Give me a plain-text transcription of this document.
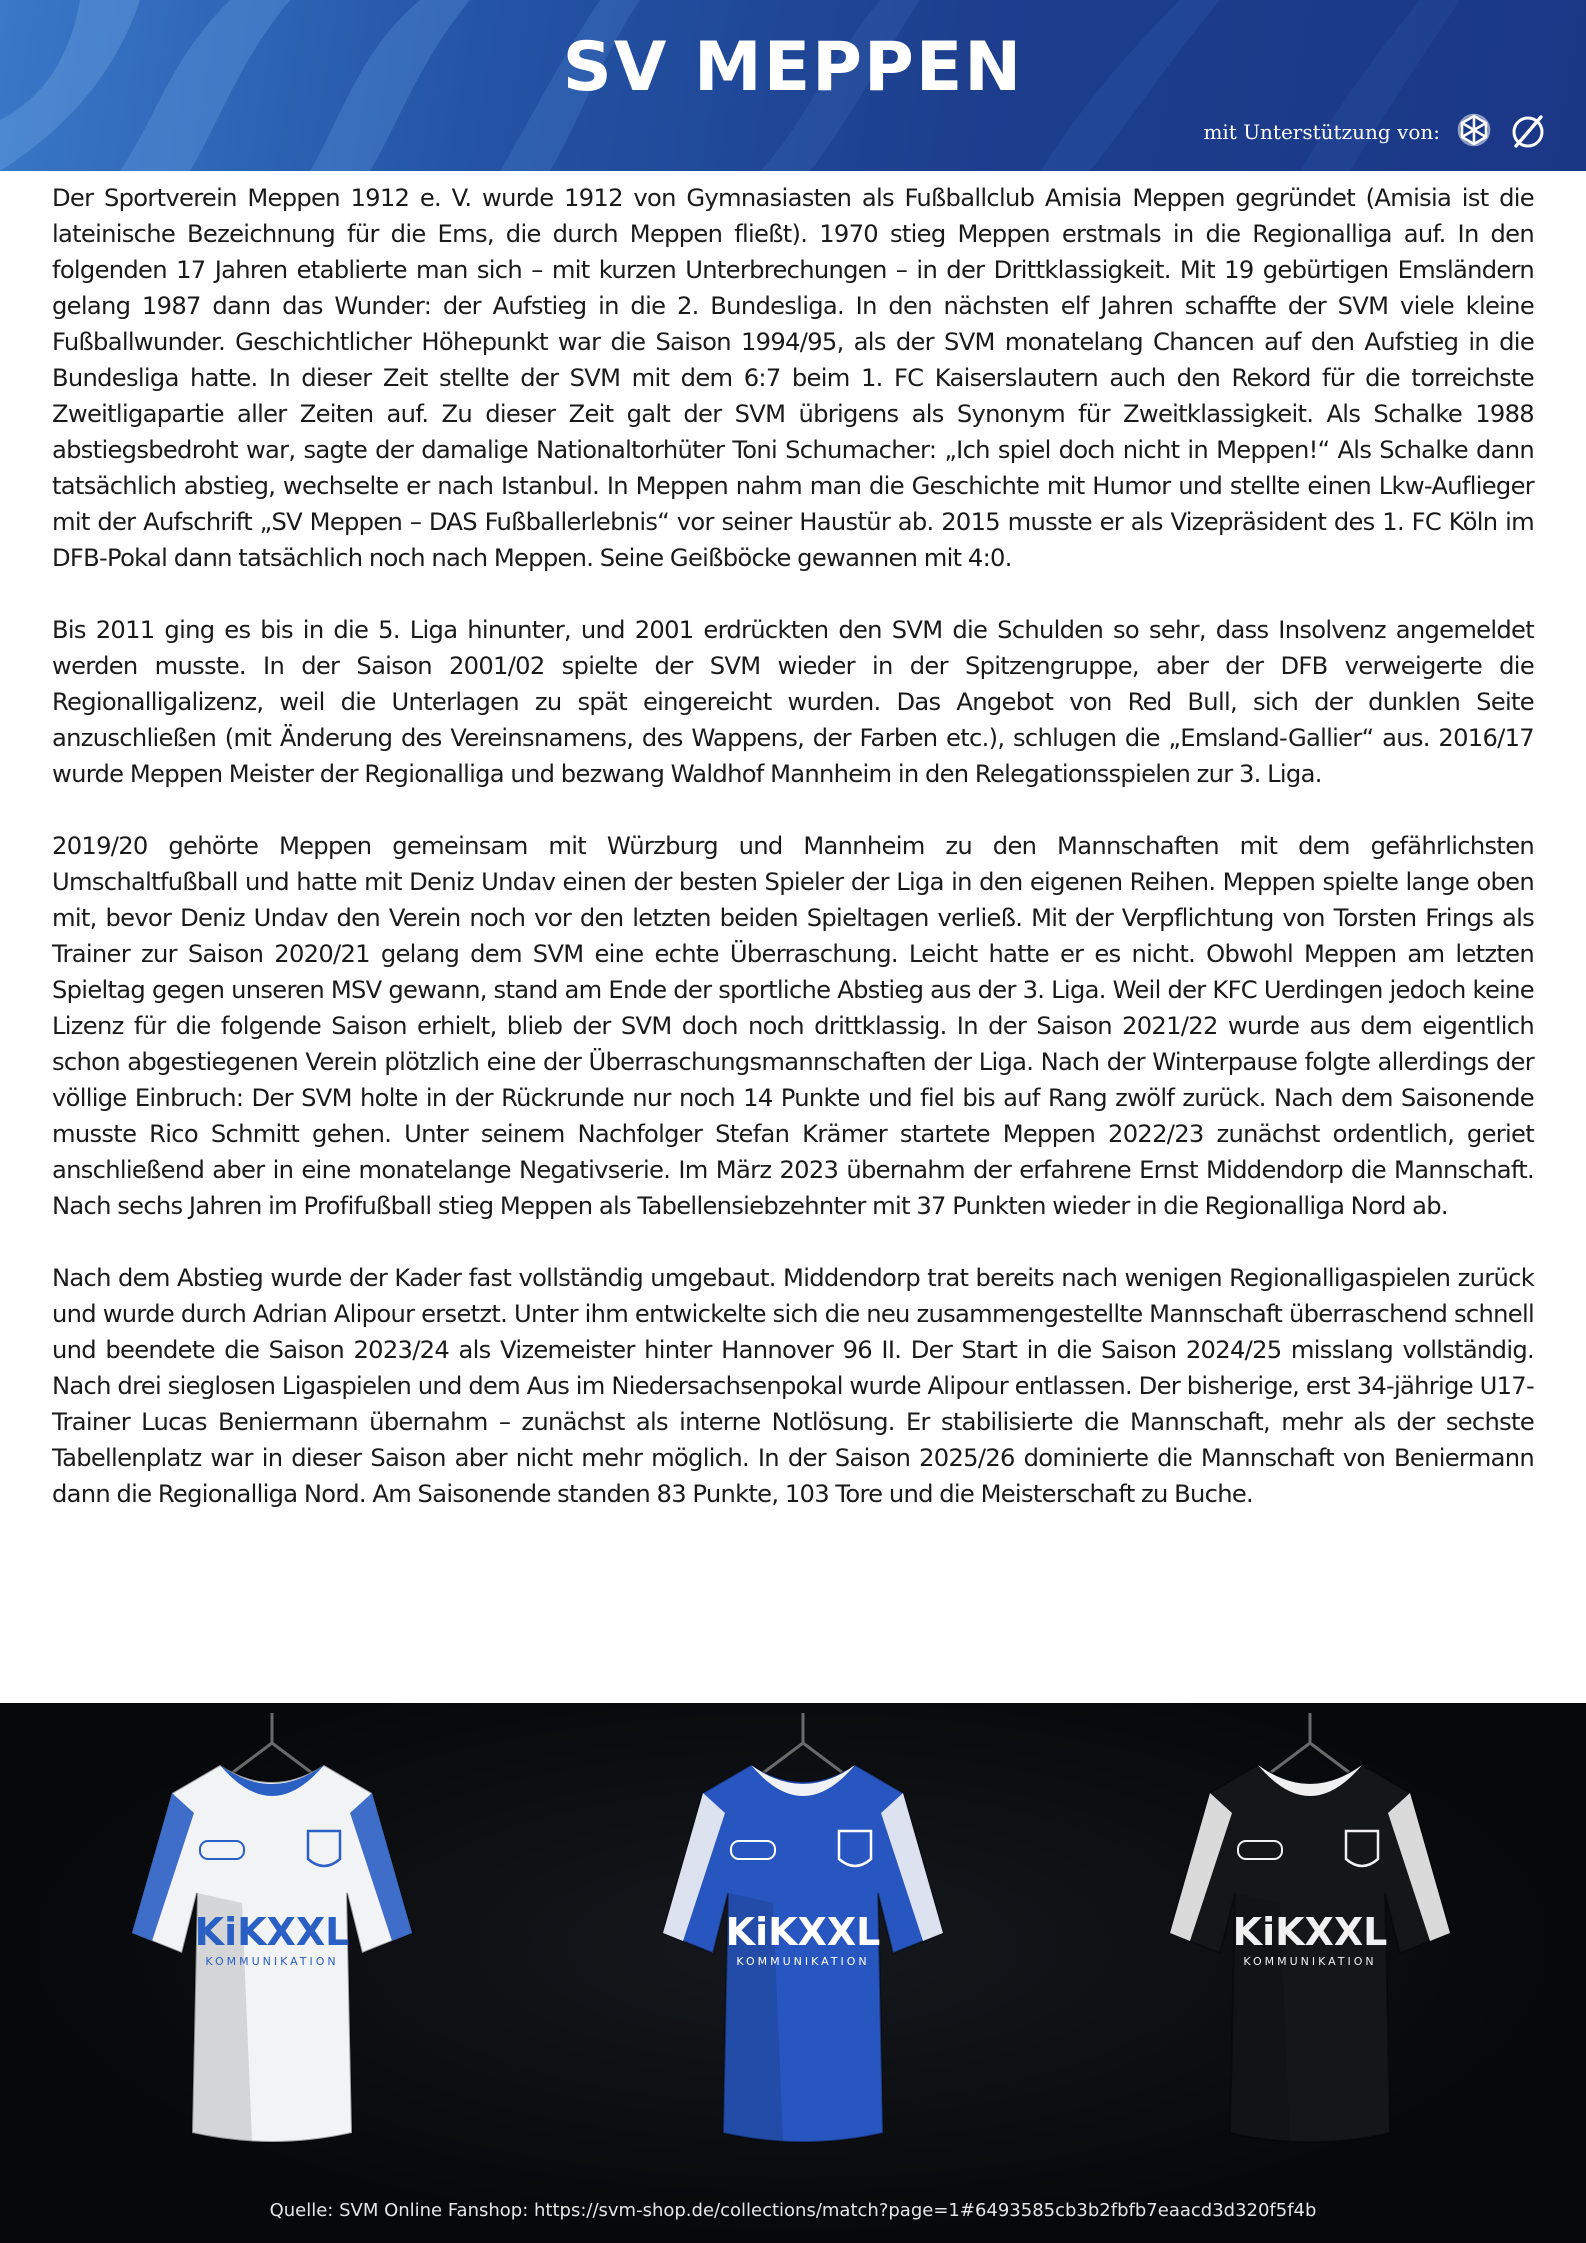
SV MEPPEN
mit Unterstützung von:

Der Sportverein Meppen 1912 e. V. wurde 1912 von Gymnasiasten als Fußballclub Amisia Meppen gegründet (Amisia ist die lateinische Bezeichnung für die Ems, die durch Meppen fließt). 1970 stieg Meppen erstmals in die Regionalliga auf. In den folgenden 17 Jahren etablierte man sich – mit kurzen Unterbrechungen – in der Drittklassigkeit. Mit 19 gebürtigen Emsländern gelang 1987 dann das Wunder: der Aufstieg in die 2. Bundesliga. In den nächsten elf Jahren schaffte der SVM viele kleine Fußballwunder. Geschichtlicher Höhepunkt war die Saison 1994/95, als der SVM monatelang Chancen auf den Aufstieg in die Bundesliga hatte. In dieser Zeit stellte der SVM mit dem 6:7 beim 1. FC Kaiserslautern auch den Rekord für die torreichste Zweitligapartie aller Zeiten auf. Zu dieser Zeit galt der SVM übrigens als Synonym für Zweitklassigkeit. Als Schalke 1988 abstiegsbedroht war, sagte der damalige Nationaltorhüter Toni Schumacher: „Ich spiel doch nicht in Meppen!“ Als Schalke dann tatsächlich abstieg, wechselte er nach Istanbul. In Meppen nahm man die Geschichte mit Humor und stellte einen Lkw-Auflieger mit der Aufschrift „SV Meppen – DAS Fußballerlebnis“ vor seiner Haustür ab. 2015 musste er als Vizepräsident des 1. FC Köln im DFB-Pokal dann tatsächlich noch nach Meppen. Seine Geißböcke gewannen mit 4:0.

Bis 2011 ging es bis in die 5. Liga hinunter, und 2001 erdrückten den SVM die Schulden so sehr, dass Insolvenz angemeldet werden musste. In der Saison 2001/02 spielte der SVM wieder in der Spitzengruppe, aber der DFB verweigerte die Regionalligalizenz, weil die Unterlagen zu spät eingereicht wurden. Das Angebot von Red Bull, sich der dunklen Seite anzuschließen (mit Änderung des Vereinsnamens, des Wappens, der Farben etc.), schlugen die „Emsland-Gallier“ aus. 2016/17 wurde Meppen Meister der Regionalliga und bezwang Waldhof Mannheim in den Relegationsspielen zur 3. Liga.

2019/20 gehörte Meppen gemeinsam mit Würzburg und Mannheim zu den Mannschaften mit dem gefährlichsten Umschaltfußball und hatte mit Deniz Undav einen der besten Spieler der Liga in den eigenen Reihen. Meppen spielte lange oben mit, bevor Deniz Undav den Verein noch vor den letzten beiden Spieltagen verließ. Mit der Verpflichtung von Torsten Frings als Trainer zur Saison 2020/21 gelang dem SVM eine echte Überraschung. Leicht hatte er es nicht. Obwohl Meppen am letzten Spieltag gegen unseren MSV gewann, stand am Ende der sportliche Abstieg aus der 3. Liga. Weil der KFC Uerdingen jedoch keine Lizenz für die folgende Saison erhielt, blieb der SVM doch noch drittklassig. In der Saison 2021/22 wurde aus dem eigentlich schon abgestiegenen Verein plötzlich eine der Überraschungsmannschaften der Liga. Nach der Winterpause folgte allerdings der völlige Einbruch: Der SVM holte in der Rückrunde nur noch 14 Punkte und fiel bis auf Rang zwölf zurück. Nach dem Saisonende musste Rico Schmitt gehen. Unter seinem Nachfolger Stefan Krämer startete Meppen 2022/23 zunächst ordentlich, geriet anschließend aber in eine monatelange Negativserie. Im März 2023 übernahm der erfahrene Ernst Middendorp die Mannschaft. Nach sechs Jahren im Profifußball stieg Meppen als Tabellensiebzehnter mit 37 Punkten wieder in die Regionalliga Nord ab.

Nach dem Abstieg wurde der Kader fast vollständig umgebaut. Middendorp trat bereits nach wenigen Regionalligaspielen zurück und wurde durch Adrian Alipour ersetzt. Unter ihm entwickelte sich die neu zusammengestellte Mannschaft überraschend schnell und beendete die Saison 2023/24 als Vizemeister hinter Hannover 96 II. Der Start in die Saison 2024/25 misslang vollständig. Nach drei sieglosen Ligaspielen und dem Aus im Niedersachsenpokal wurde Alipour entlassen. Der bisherige, erst 34-jährige U17-Trainer Lucas Beniermann übernahm – zunächst als interne Notlösung. Er stabilisierte die Mannschaft, mehr als der sechste Tabellenplatz war in dieser Saison aber nicht mehr möglich. In der Saison 2025/26 dominierte die Mannschaft von Beniermann dann die Regionalliga Nord. Am Saisonende standen 83 Punkte, 103 Tore und die Meisterschaft zu Buche.

KiKXXL
KOMMUNIKATION
KiKXXL
KOMMUNIKATION
KiKXXL
KOMMUNIKATION
Quelle: SVM Online Fanshop: https://svm-shop.de/collections/match?page=1#6493585cb3b2fbfb7eaacd3d320f5f4b
